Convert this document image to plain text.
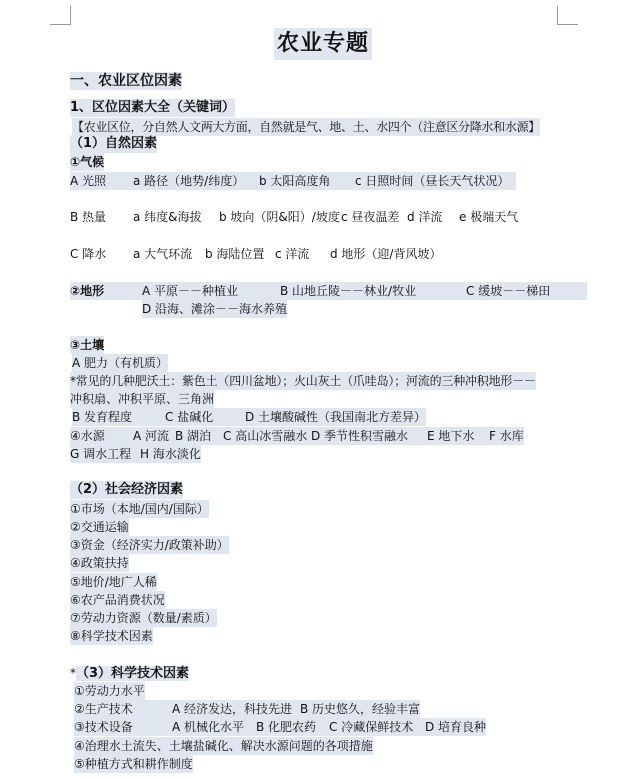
农业专题
一、农业区位因素
1、区位因素大全（关键词）
【农业区位，分自然人文两大方面，自然就是气、地、土、水四个（注意区分降水和水源】
（1）自然因素
①气候
A 光照 a 路径（地势/纬度） b 太阳高度角 c 日照时间（昼长天气状况）
B 热量 a 纬度&海拔 b 坡向（阴&阳）/坡度c 昼夜温差 d 洋流 e 极端天气
C 降水 a 大气环流 b 海陆位置 c 洋流 d 地形（迎/背风坡）
②地形	A 平原－－种植业	B 山地丘陵－－林业/牧业	C 缓坡－－梯田
D 沿海、滩涂－－海水养殖
③土壤
A 肥力（有机质）
*常见的几种肥沃土：紫色土（四川盆地）；火山灰土（爪哇岛）；河流的三种冲积地形－－
冲积扇、冲积平原、三角洲
B 发育程度	C 盐碱化	D 土壤酸碱性（我国南北方差异）
④水源 A 河流 B 湖泊 C 高山冰雪融水 D 季节性积雪融水 E 地下水 F 水库
G 调水工程 H 海水淡化
（2）社会经济因素
①市场（本地/国内/国际）
②交通运输
③资金（经济实力/政策补助）
④政策扶持
⑤地价/地广人稀
⑥农产品消费状况
⑦劳动力资源（数量/素质）
⑧科学技术因素
*（3）科学技术因素
①劳动力水平
②生产技术	A 经济发达，科技先进 B 历史悠久，经验丰富
③技术设备	A 机械化水平 B 化肥农药 C 冷藏保鲜技术 D 培育良种
④治理水土流失、土壤盐碱化、解决水源问题的各项措施
⑤种植方式和耕作制度
